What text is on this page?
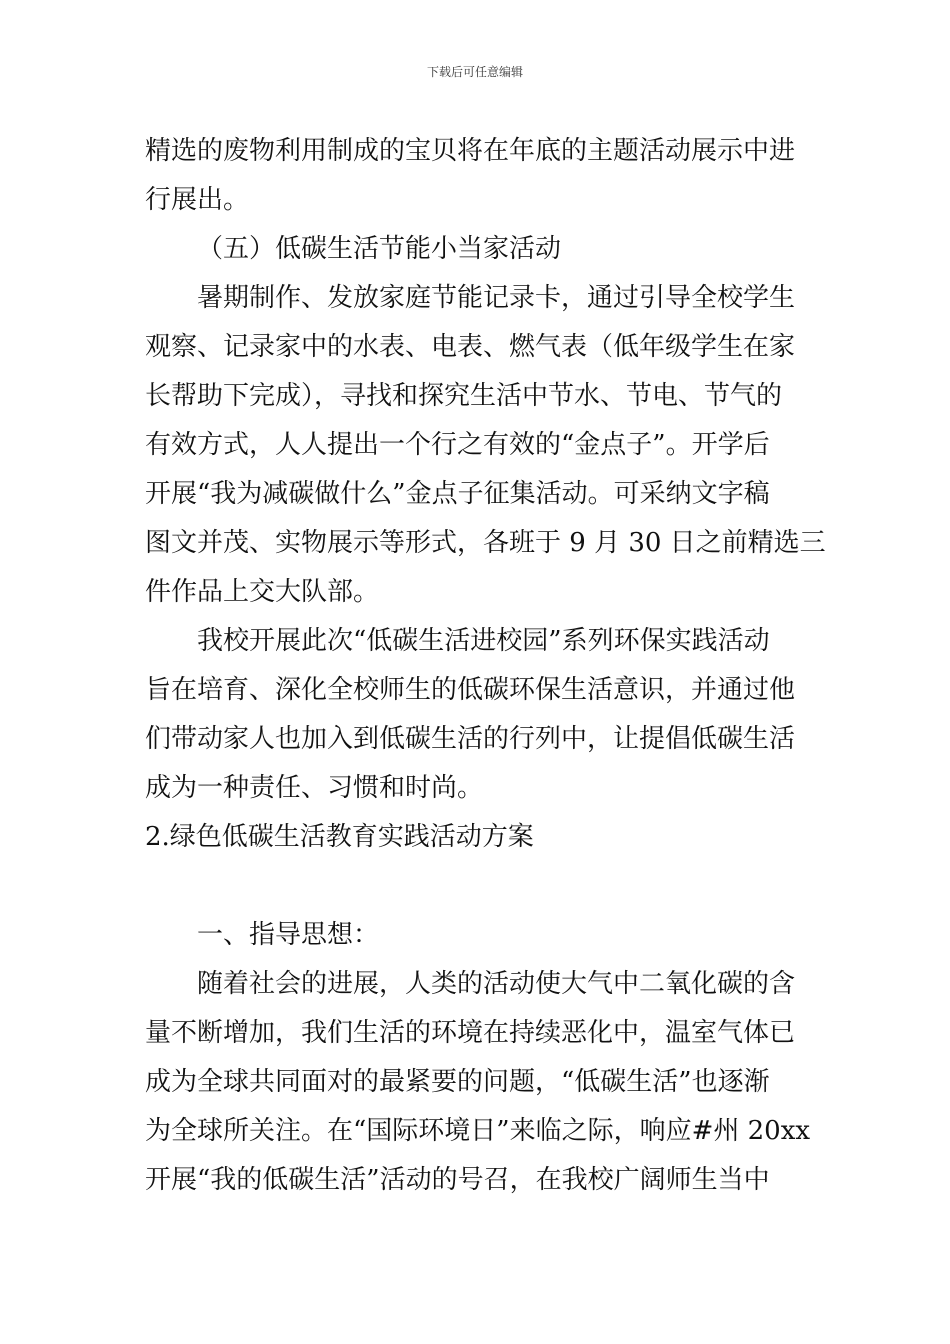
下载后可任意编辑

精选的废物利用制成的宝贝将在年底的主题活动展示中进

行展出。

（五）低碳生活节能小当家活动

暑期制作、发放家庭节能记录卡，通过引导全校学生

观察、记录家中的水表、电表、燃气表（低年级学生在家

长帮助下完成），寻找和探究生活中节水、节电、节气的

有效方式，人人提出一个行之有效的“金点子”。开学后

开展“我为减碳做什么”金点子征集活动。可采纳文字稿

图文并茂、实物展示等形式，各班于 9 月 30 日之前精选三

件作品上交大队部。

我校开展此次“低碳生活进校园”系列环保实践活动

旨在培育、深化全校师生的低碳环保生活意识，并通过他

们带动家人也加入到低碳生活的行列中，让提倡低碳生活

成为一种责任、习惯和时尚。

2.绿色低碳生活教育实践活动方案

一、指导思想：

随着社会的进展，人类的活动使大气中二氧化碳的含

量不断增加，我们生活的环境在持续恶化中，温室气体已

成为全球共同面对的最紧要的问题，“低碳生活”也逐渐

为全球所关注。在“国际环境日”来临之际，响应#州 20xx

开展“我的低碳生活”活动的号召，在我校广阔师生当中
